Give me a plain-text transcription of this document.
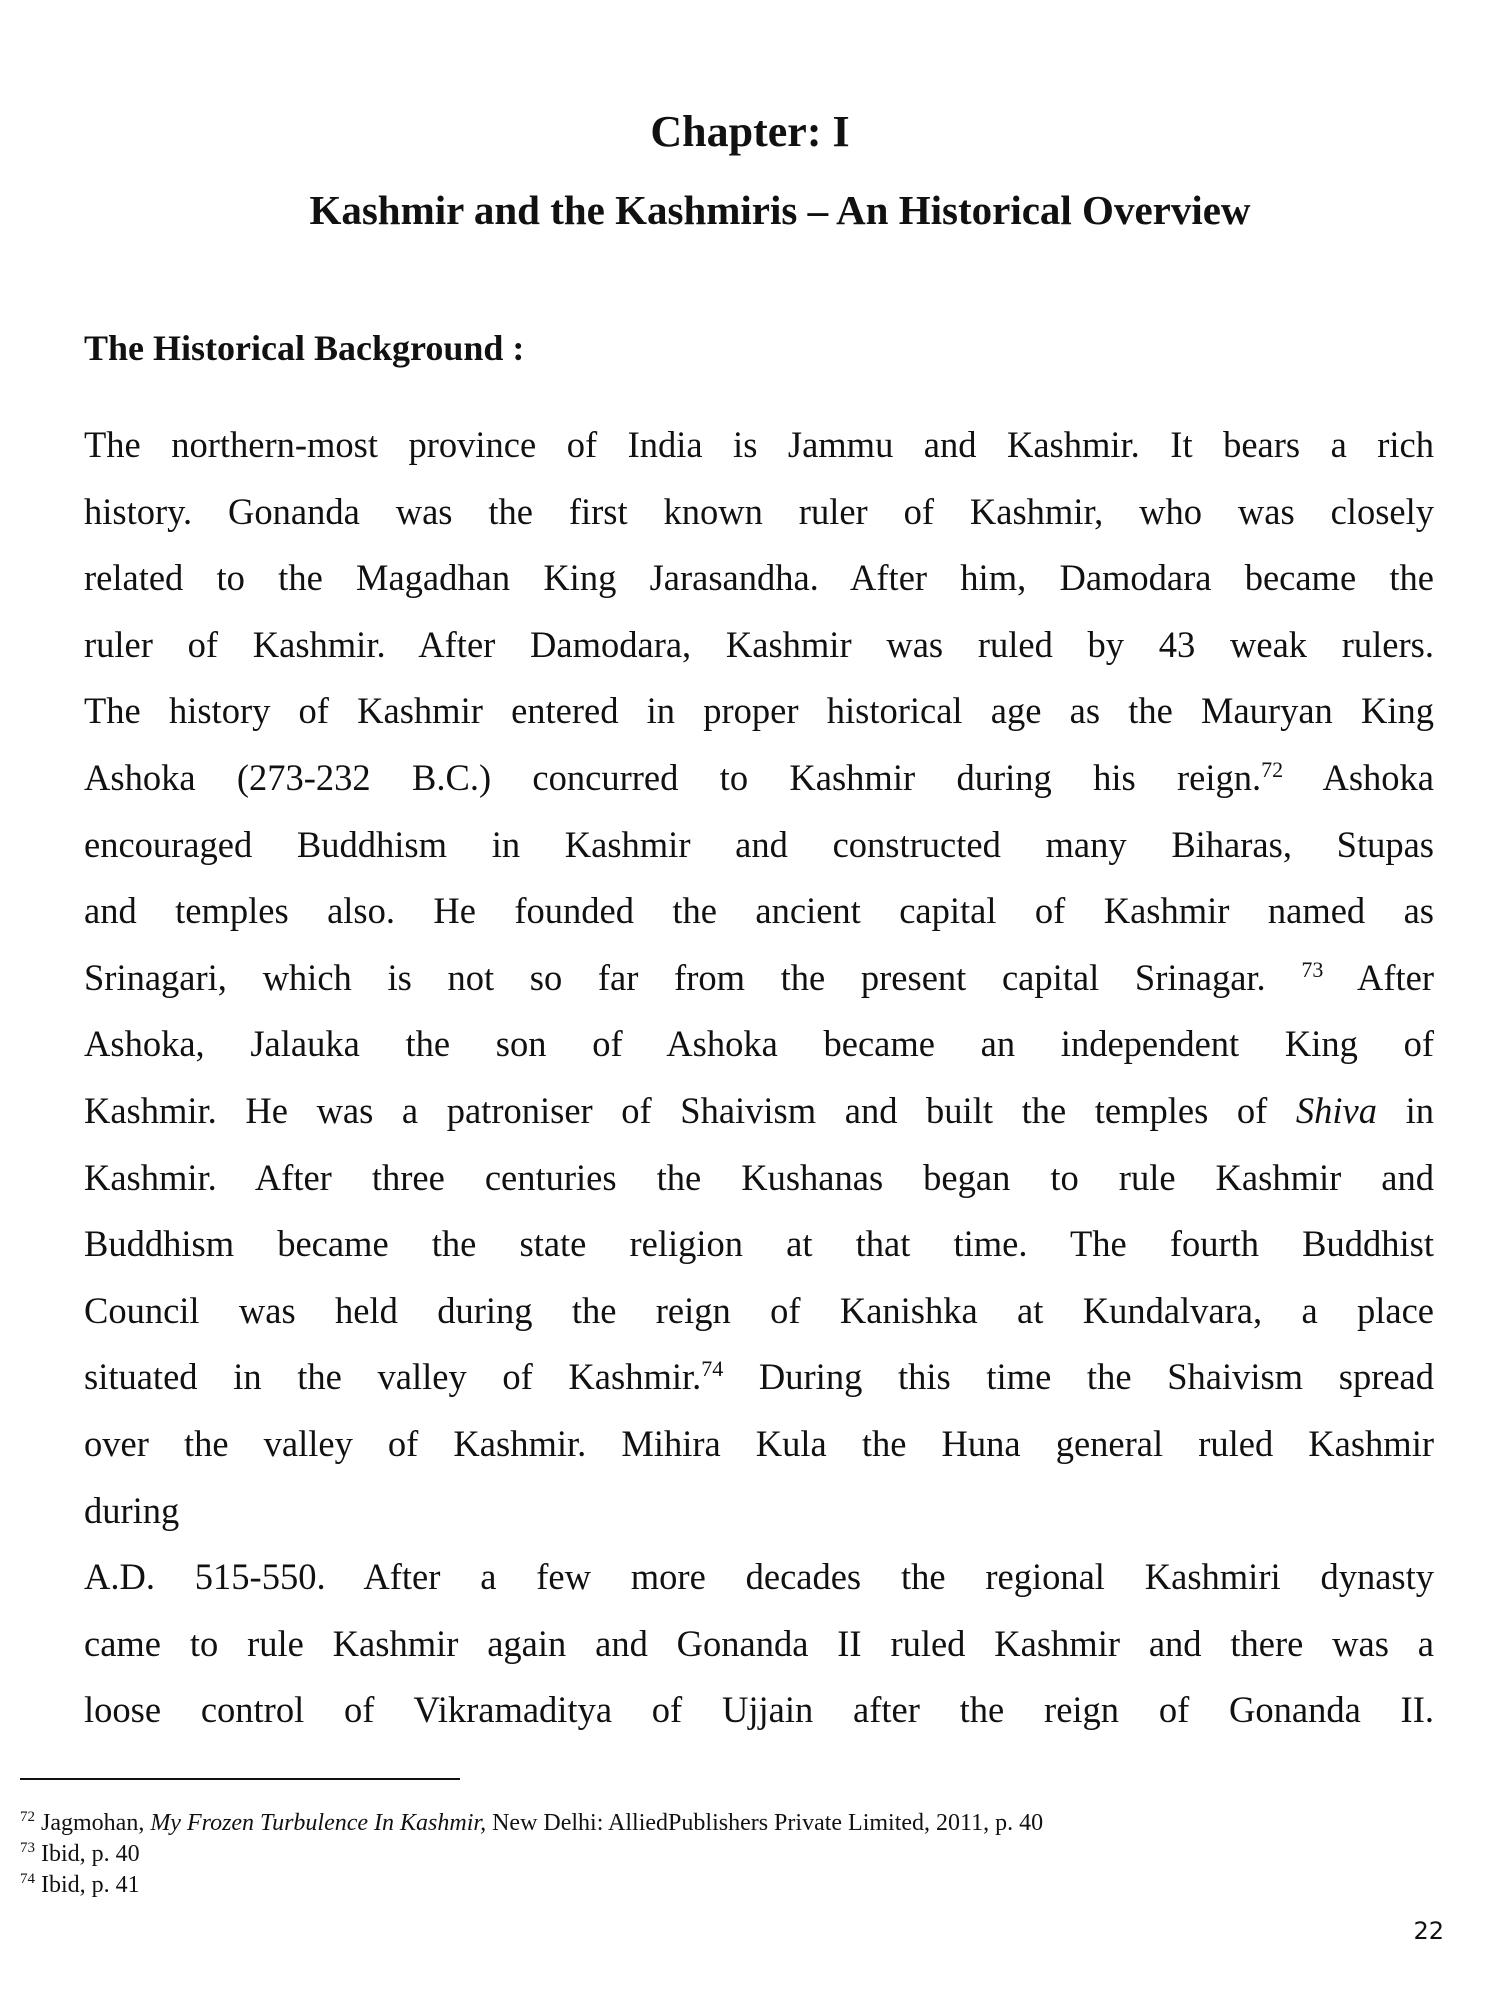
Chapter: I
Kashmir and the Kashmiris – An Historical Overview
The Historical Background :
The northern-most province of India is Jammu and Kashmir. It bears a rich
history. Gonanda was the first known ruler of Kashmir, who was closely
related to the Magadhan King Jarasandha. After him, Damodara became the
ruler of Kashmir. After Damodara, Kashmir was ruled by 43 weak rulers.
The history of Kashmir entered in proper historical age as the Mauryan King
Ashoka (273-232 B.C.) concurred to Kashmir during his reign.$^{72}$ Ashoka
encouraged Buddhism in Kashmir and constructed many Biharas, Stupas
and temples also. He founded the ancient capital of Kashmir named as
Srinagari, which is not so far from the present capital Srinagar. $^{73}$ After
Ashoka, Jalauka the son of Ashoka became an independent King of
Kashmir. He was a patroniser of Shaivism and built the temples of Shiva in
Kashmir. After three centuries the Kushanas began to rule Kashmir and
Buddhism became the state religion at that time. The fourth Buddhist
Council was held during the reign of Kanishka at Kundalvara, a place
situated in the valley of Kashmir.$^{74}$ During this time the Shaivism spread
over the valley of Kashmir. Mihira Kula the Huna general ruled Kashmir
during
A.D. 515-550. After a few more decades the regional Kashmiri dynasty
came to rule Kashmir again and Gonanda II ruled Kashmir and there was a
loose control of Vikramaditya of Ujjain after the reign of Gonanda II.
$^{72}$ Jagmohan, My Frozen Turbulence In Kashmir, New Delhi: AlliedPublishers Private Limited, 2011, p. 40
$^{73}$ Ibid, p. 40
$^{74}$ Ibid, p. 41
22
